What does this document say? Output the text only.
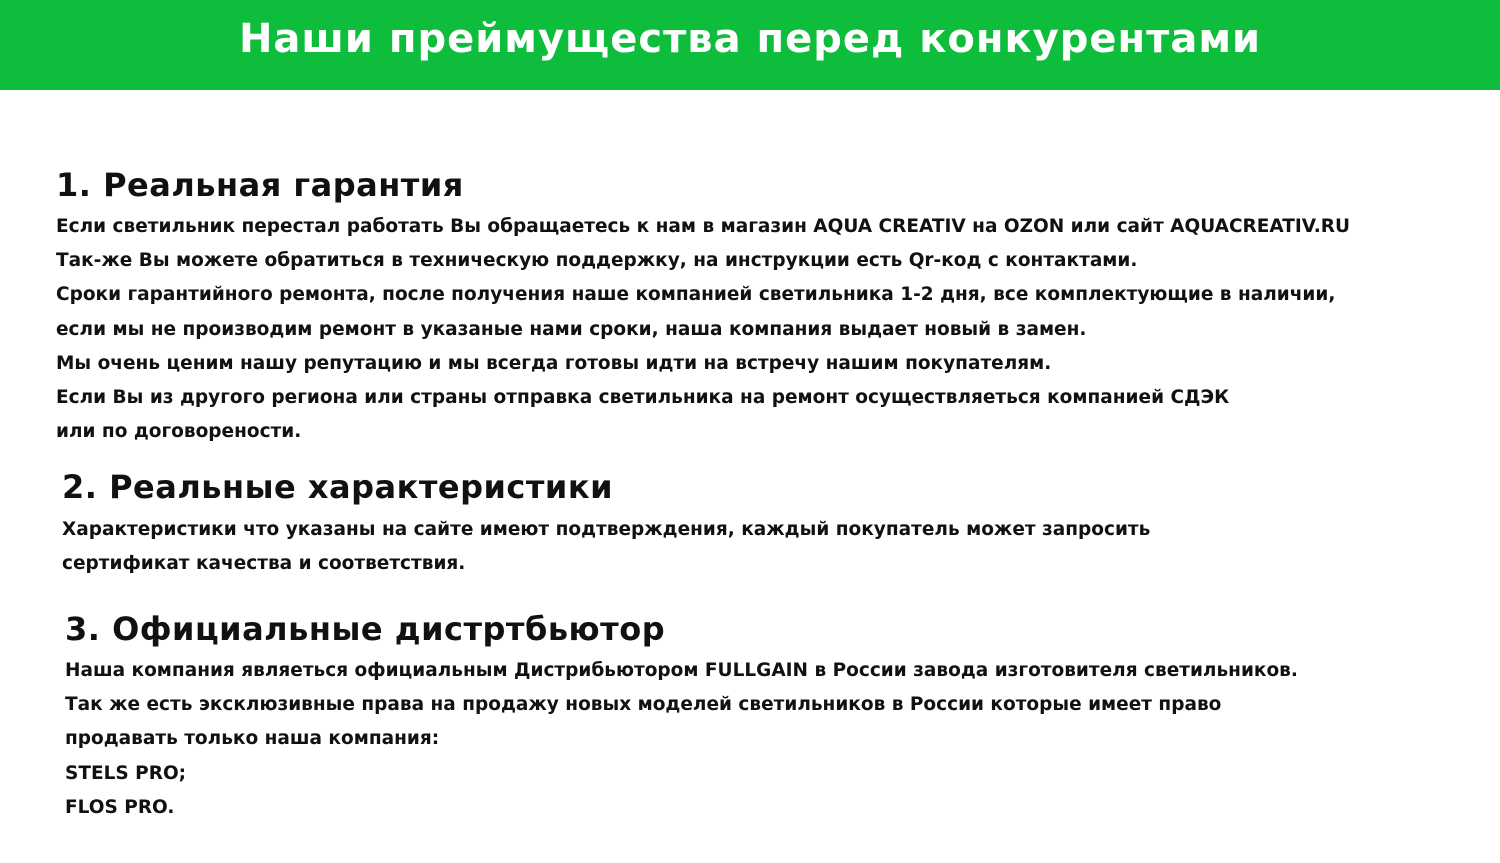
Наши преймущества перед конкурентами
1. Реальная гарантия
Если светильник перестал работать Вы обращаетесь к нам в магазин AQUA CREATIV на OZON или сайт AQUACREATIV.RU
Так-же Вы можете обратиться в техническую поддержку, на инструкции есть Qr-код с контактами.
Сроки гарантийного ремонта, после получения наше компанией светильника 1-2 дня, все комплектующие в наличии,
если мы не производим ремонт в указаные нами сроки, наша компания выдает новый в замен.
Мы очень ценим нашу репутацию и мы всегда готовы идти на встречу нашим покупателям.
Если Вы из другого региона или страны отправка светильника на ремонт осуществляеться компанией СДЭК
или по договорености.
2. Реальные характеристики
Характеристики что указаны на сайте имеют подтверждения, каждый покупатель может запросить
сертификат качества и соответствия.
3. Официальные дистртбьютор
Наша компания являеться официальным Дистрибьютором FULLGAIN в России завода изготовителя светильников.
Так же есть эксклюзивные права на продажу новых моделей светильников в России которые имеет право
продавать только наша компания:
STELS PRO;
FLOS PRO.
